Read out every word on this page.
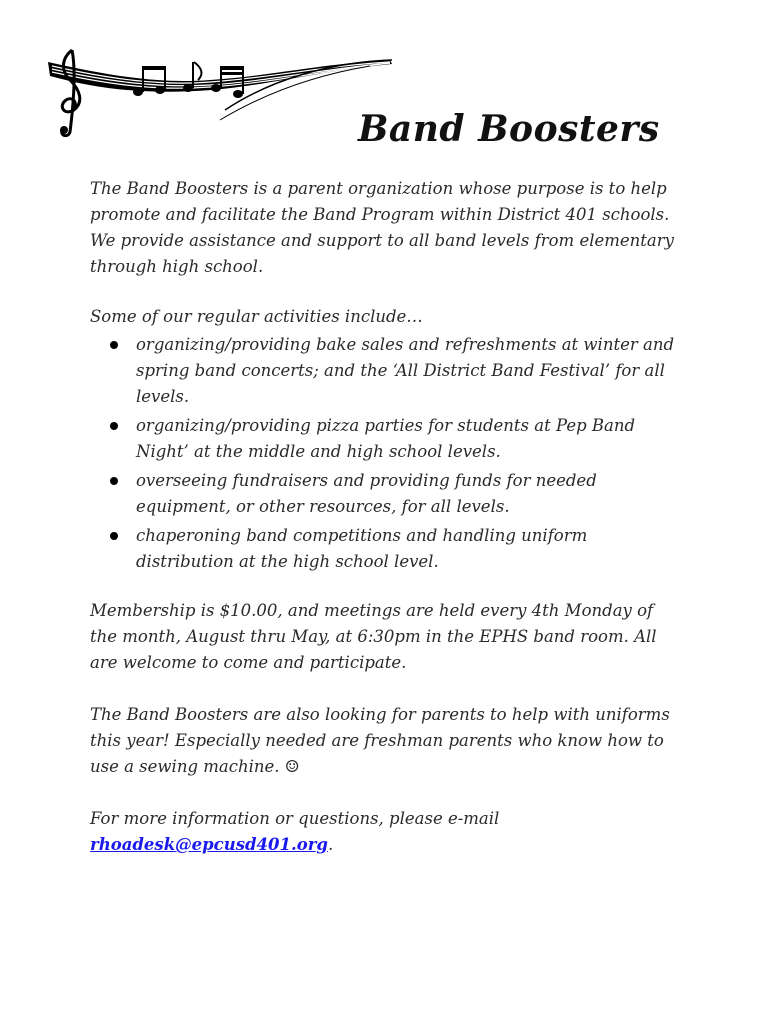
Band Boosters
The Band Boosters is a parent organization whose purpose is to help promote and facilitate the Band Program within District 401 schools. We provide assistance and support to all band levels from elementary through high school.
Some of our regular activities include…
organizing/providing bake sales and refreshments at winter and spring band concerts; and the ‘All District Band Festival’ for all levels.
organizing/providing pizza parties for students at Pep Band Night’ at the middle and high school levels.
overseeing fundraisers and providing funds for needed equipment, or other resources, for all levels.
chaperoning band competitions and handling uniform distribution at the high school level.
Membership is $10.00, and meetings are held every 4th Monday of the month, August thru May, at 6:30pm in the EPHS band room. All are welcome to come and participate.
The Band Boosters are also looking for parents to help with uniforms this year! Especially needed are freshman parents who know how to use a sewing machine. ☺
For more information or questions, please e-mail
rhoadesk@epcusd401.org.
